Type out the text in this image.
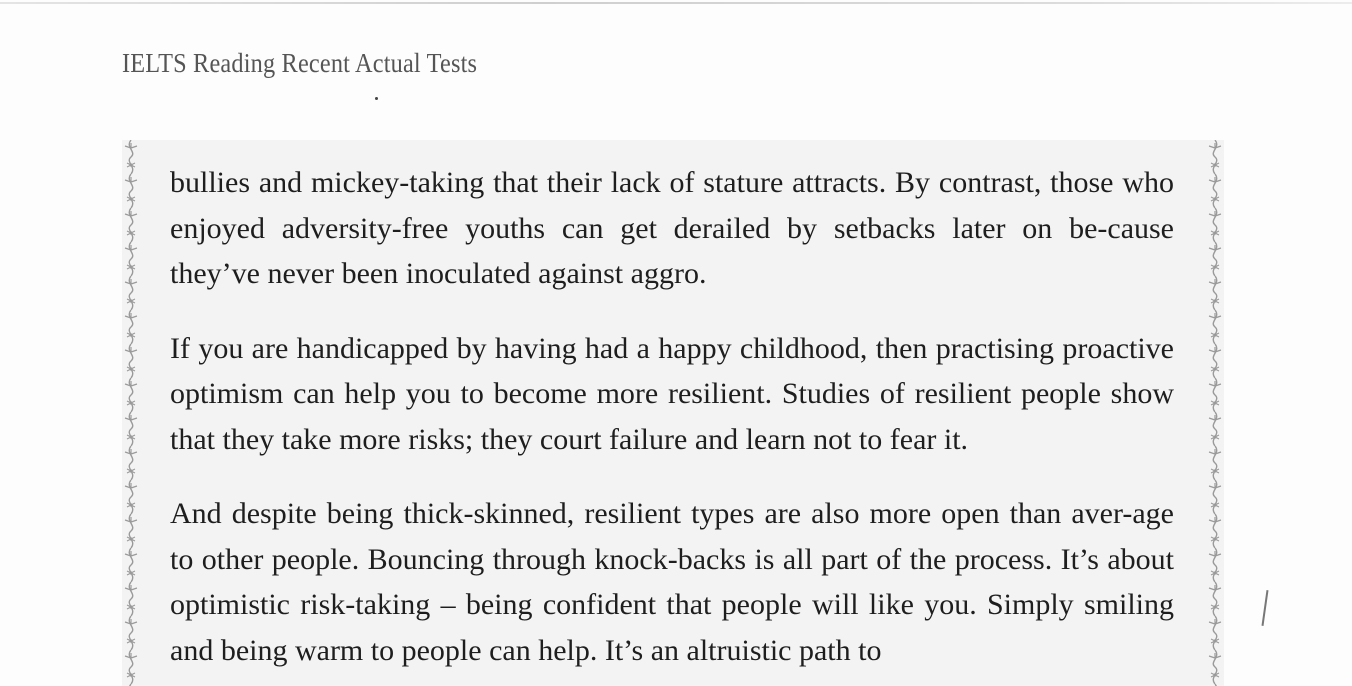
IELTS Reading Recent Actual Tests

bullies and mickey-taking that their lack of stature attracts. By contrast, those who enjoyed adversity-free youths can get derailed by setbacks later on be-cause they’ve never been inoculated against aggro.

If you are handicapped by having had a happy childhood, then practising proactive optimism can help you to become more resilient. Studies of resilient people show that they take more risks; they court failure and learn not to fear it.

And despite being thick-skinned, resilient types are also more open than aver-age to other people. Bouncing through knock-backs is all part of the process. It’s about optimistic risk-taking – being confident that people will like you. Simply smiling and being warm to people can help. It’s an altruistic path to
